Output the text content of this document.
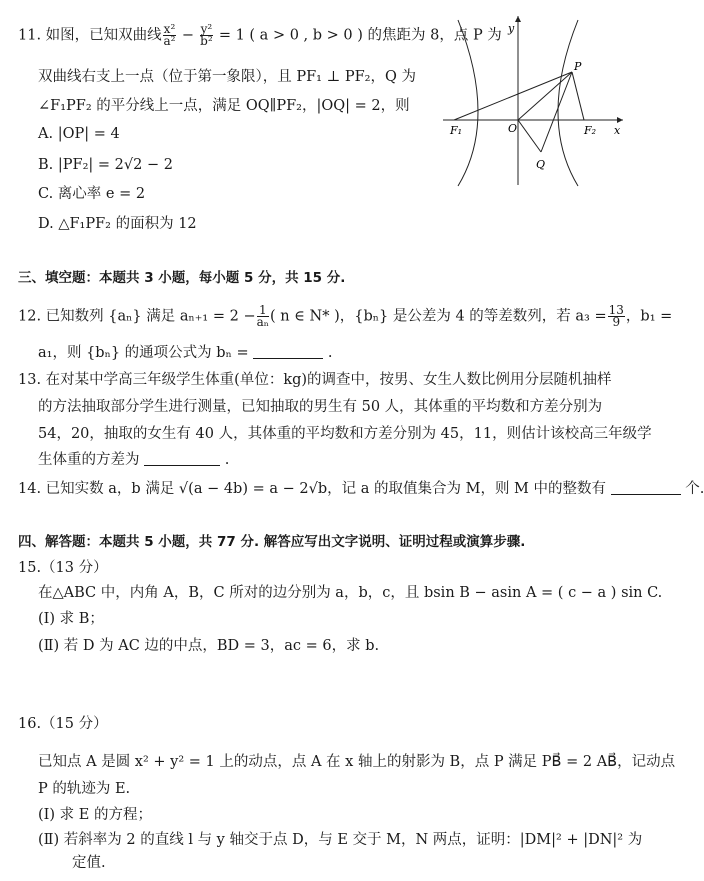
11. 如图，已知双曲线 $\frac{\text{x²}}{\text{a²}} - \frac{\text{y²}}{\text{b²}} = 1$ ( a > 0 , b > 0 ) 的焦距为 8，点 P 为
双曲线右支上一点（位于第一象限），且 PF₁ ⊥ PF₂，Q 为
∠F₁PF₂ 的平分线上一点，满足 OQ∥PF₂，|OQ| = 2，则
A. |OP| = 4
B. |PF₂| = 2√2 − 2
C. 离心率 e = 2
D. △F₁PF₂ 的面积为 12
y
P
O
F₁	F₂ x
Q
三、填空题：本题共 3 小题，每小题 5 分，共 15 分.
12. 已知数列 {aₙ} 满足 $a_{n+1} = 2 - \frac{1}{\text{aₙ}}$ ( n ∈ N* )，{bₙ} 是公差为 4 的等差数列，若 $a_3 = \frac{13}{9}$ ，b₁ =
a₁，则 {bₙ} 的通项公式为 bₙ =	.
13. 在对某中学高三年级学生体重(单位：kg)的调查中，按男、女生人数比例用分层随机抽样
的方法抽取部分学生进行测量，已知抽取的男生有 50 人，其体重的平均数和方差分别为
54，20，抽取的女生有 40 人，其体重的平均数和方差分别为 45，11，则估计该校高三年级学
生体重的方差为	.
14. 已知实数 a，b 满足 √(a − 4b) = a − 2√b，记 a 的取值集合为 M，则 M 中的整数有	个.
四、解答题：本题共 5 小题，共 77 分. 解答应写出文字说明、证明过程或演算步骤.
15.（13 分）
在△ABC 中，内角 A，B，C 所对的边分别为 a，b，c，且 bsin B − asin A = ( c − a ) sin C.
(Ⅰ) 求 B；
(Ⅱ) 若 D 为 AC 边的中点，BD = 3，ac = 6，求 b.
16.（15 分）
已知点 A 是圆 x² + y² = 1 上的动点，点 A 在 x 轴上的射影为 B，点 P 满足 PB⃗ = 2 AB⃗，记动点
P 的轨迹为 E.
(Ⅰ) 求 E 的方程；
(Ⅱ) 若斜率为 2 的直线 l 与 y 轴交于点 D，与 E 交于 M，N 两点，证明：|DM|² + |DN|² 为
定值.
